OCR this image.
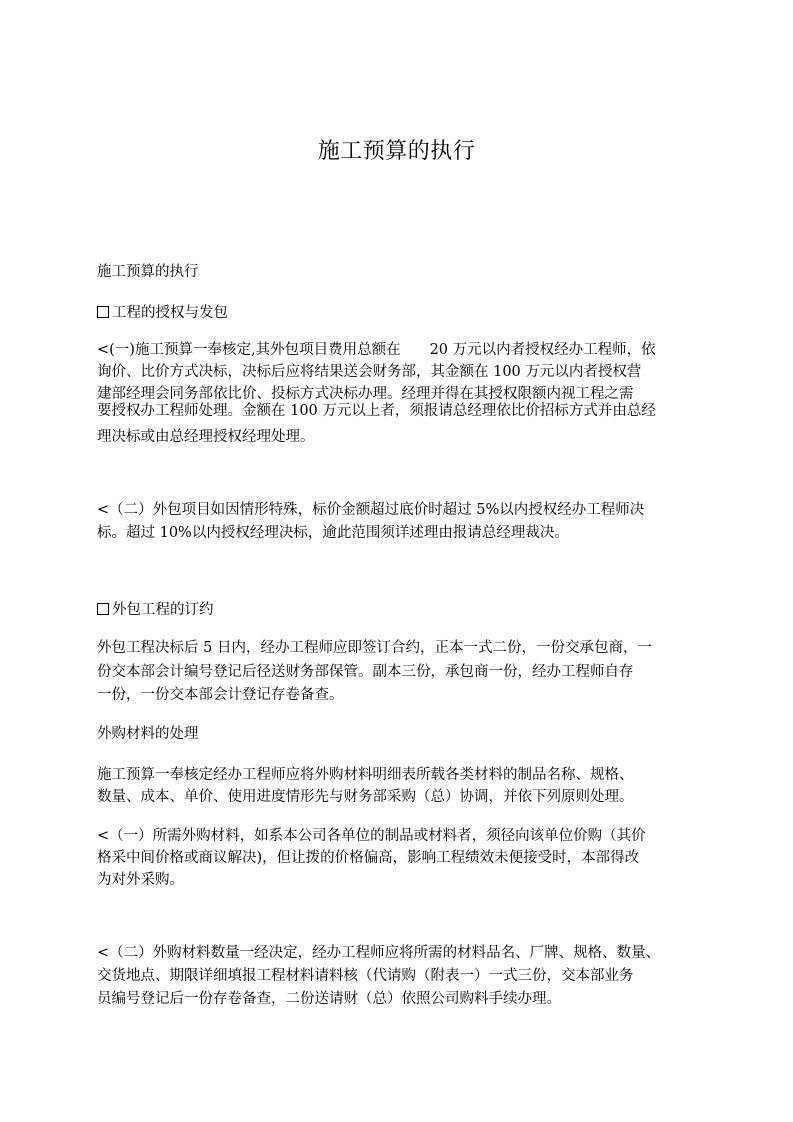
施工预算的执行
施工预算的执行
工程的授权与发包
<(一)施工预算一奉核定,其外包项目费用总额在　　20 万元以内者授权经办工程师，依
询价、比价方式决标，决标后应将结果送会财务部，其金额在 100 万元以内者授权营
建部经理会同务部依比价、投标方式决标办理。经理并得在其授权限额内视工程之需
要授权办工程师处理。金额在 100 万元以上者，须报请总经理依比价招标方式并由总经
理决标或由总经理授权经理处理。
<（二）外包项目如因情形特殊，标价金额超过底价时超过 5%以内授权经办工程师决
标。超过 10%以内授权经理决标，逾此范围须详述理由报请总经理裁决。
外包工程的订约
外包工程决标后 5 日内，经办工程师应即签订合约，正本一式二份，一份交承包商，一
份交本部会计编号登记后径送财务部保管。副本三份，承包商一份，经办工程师自存
一份，一份交本部会计登记存卷备查。
外购材料的处理
施工预算一奉核定经办工程师应将外购材料明细表所载各类材料的制品名称、规格、
数量、成本、单价、使用进度情形先与财务部采购（总）协调，并依下列原则处理。
<（一）所需外购材料，如系本公司各单位的制品或材料者，须径向该单位价购（其价
格采中间价格或商议解决)，但让拨的价格偏高，影响工程绩效未便接受时，本部得改
为对外采购。
<（二）外购材料数量一经决定，经办工程师应将所需的材料品名、厂牌、规格、数量、
交货地点、期限详细填报工程材料请料核（代请购（附表一）一式三份，交本部业务
员编号登记后一份存卷备查，二份送请财（总）依照公司购料手续办理。
